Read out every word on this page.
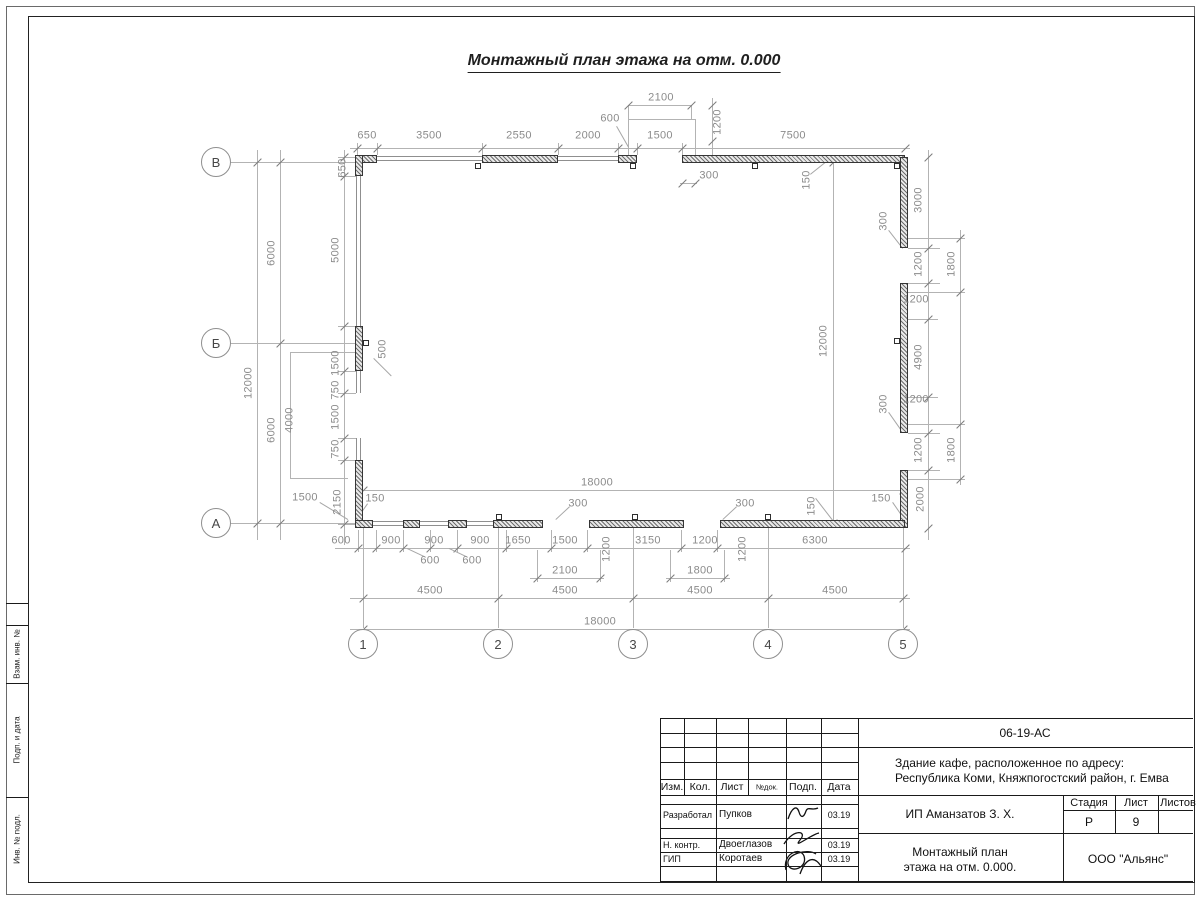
Взам. инв. №
Подп. и дата
Инв. № подл.
Монтажный план этажа на отм. 0.000
2100
1200
600
650	3500	2550	2000	1500	7500
650	300	150
3000
300
1200 1800
1200
4900
1200
300
1200 1800
2000
150
12000
12000
6000
6000
5000
1500
750
1500
750
2150
500
4000
1500	150
18000
300	300	150
600	900 900 900 1650 1500 1200 3150	1200 1200	6300
600 600
2100	1800
4500	4500	4500	4500
18000
В
Б
А
1	2	3	4	5
06-19-АС
Здание кафе, расположенное по адресу:
Республика Коми, Княжпогостский район, г. Емва
ИП Аманзатов З. Х.
Стадия Лист Листов
Р	9
Монтажный план
этажа на отм. 0.000.
ООО "Альянс"
Изм. Кол. Лист №док. Подп. Дата
Разработал Пупков	03.19
Н. контр. Двоеглазов	03.19
ГИП	Коротаев	03.19
